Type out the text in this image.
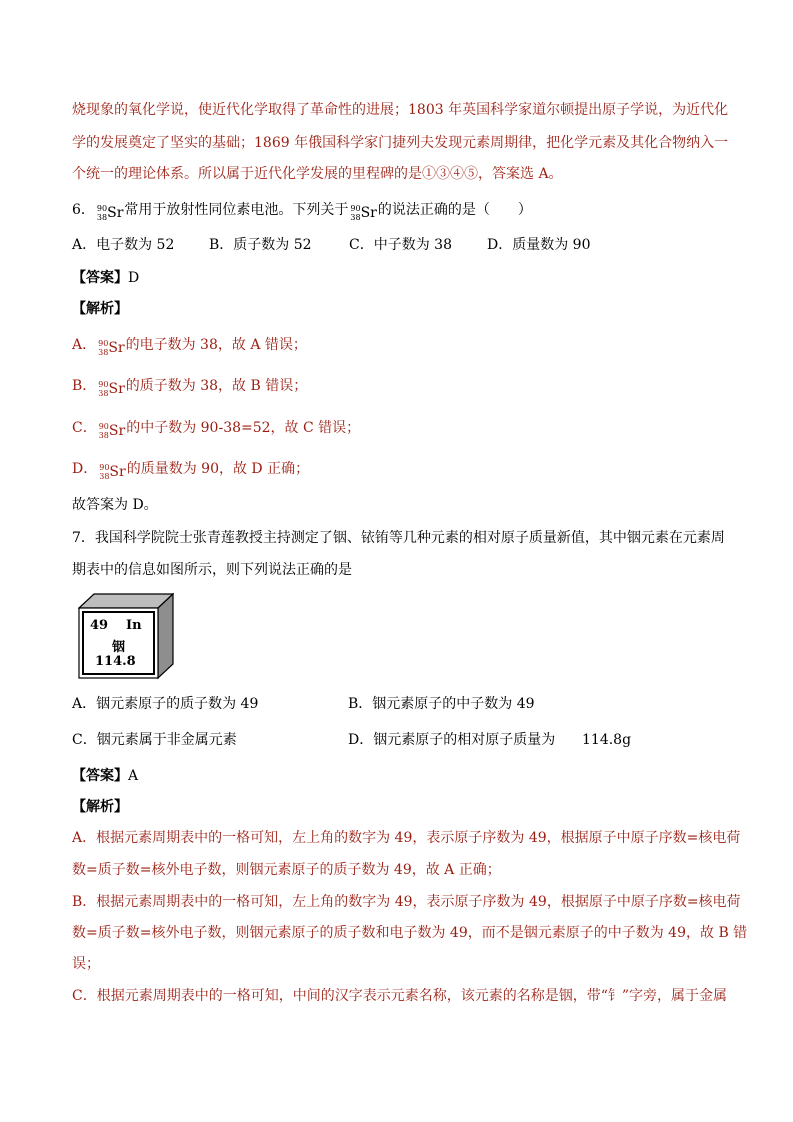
烧现象的氧化学说，使近代化学取得了革命性的进展；1803 年英国科学家道尔顿提出原子学说，为近代化
学的发展奠定了坚实的基础；1869 年俄国科学家门捷列夫发现元素周期律，把化学元素及其化合物纳入一
个统一的理论体系。所以属于近代化学发展的里程碑的是①③④⑤，答案选 A。
6． 90
38 Sr常用于放射性同位素电池。下列关于 90
38 Sr的说法正确的是（　　）
A．电子数为 52 B．质子数为 52	C．中子数为 38	D．质量数为 90
【答案】D
【解析】
A． 90
38 Sr的电子数为 38，故 A 错误；
B． 90
38 Sr的质子数为 38，故 B 错误；
C． 90
38 Sr的中子数为 90-38=52，故 C 错误；
D． 90
38 Sr的质量数为 90，故 D 正确；
故答案为 D。
7．我国科学院院士张青莲教授主持测定了铟、铱铕等几种元素的相对原子质量新值，其中铟元素在元素周
期表中的信息如图所示，则下列说法正确的是
49 In
铟
114.8
A．铟元素原子的质子数为 49	B．铟元素原子的中子数为 49
C．铟元素属于非金属元素	D．铟元素原子的相对原子质量为 114.8g
【答案】A
【解析】
A．根据元素周期表中的一格可知，左上角的数字为 49，表示原子序数为 49，根据原子中原子序数=核电荷
数=质子数=核外电子数，则铟元素原子的质子数为 49，故 A 正确；
B．根据元素周期表中的一格可知，左上角的数字为 49，表示原子序数为 49，根据原子中原子序数=核电荷
数=质子数=核外电子数，则铟元素原子的质子数和电子数为 49，而不是铟元素原子的中子数为 49，故 B 错
误；
C．根据元素周期表中的一格可知，中间的汉字表示元素名称，该元素的名称是铟，带“钅”字旁，属于金属
